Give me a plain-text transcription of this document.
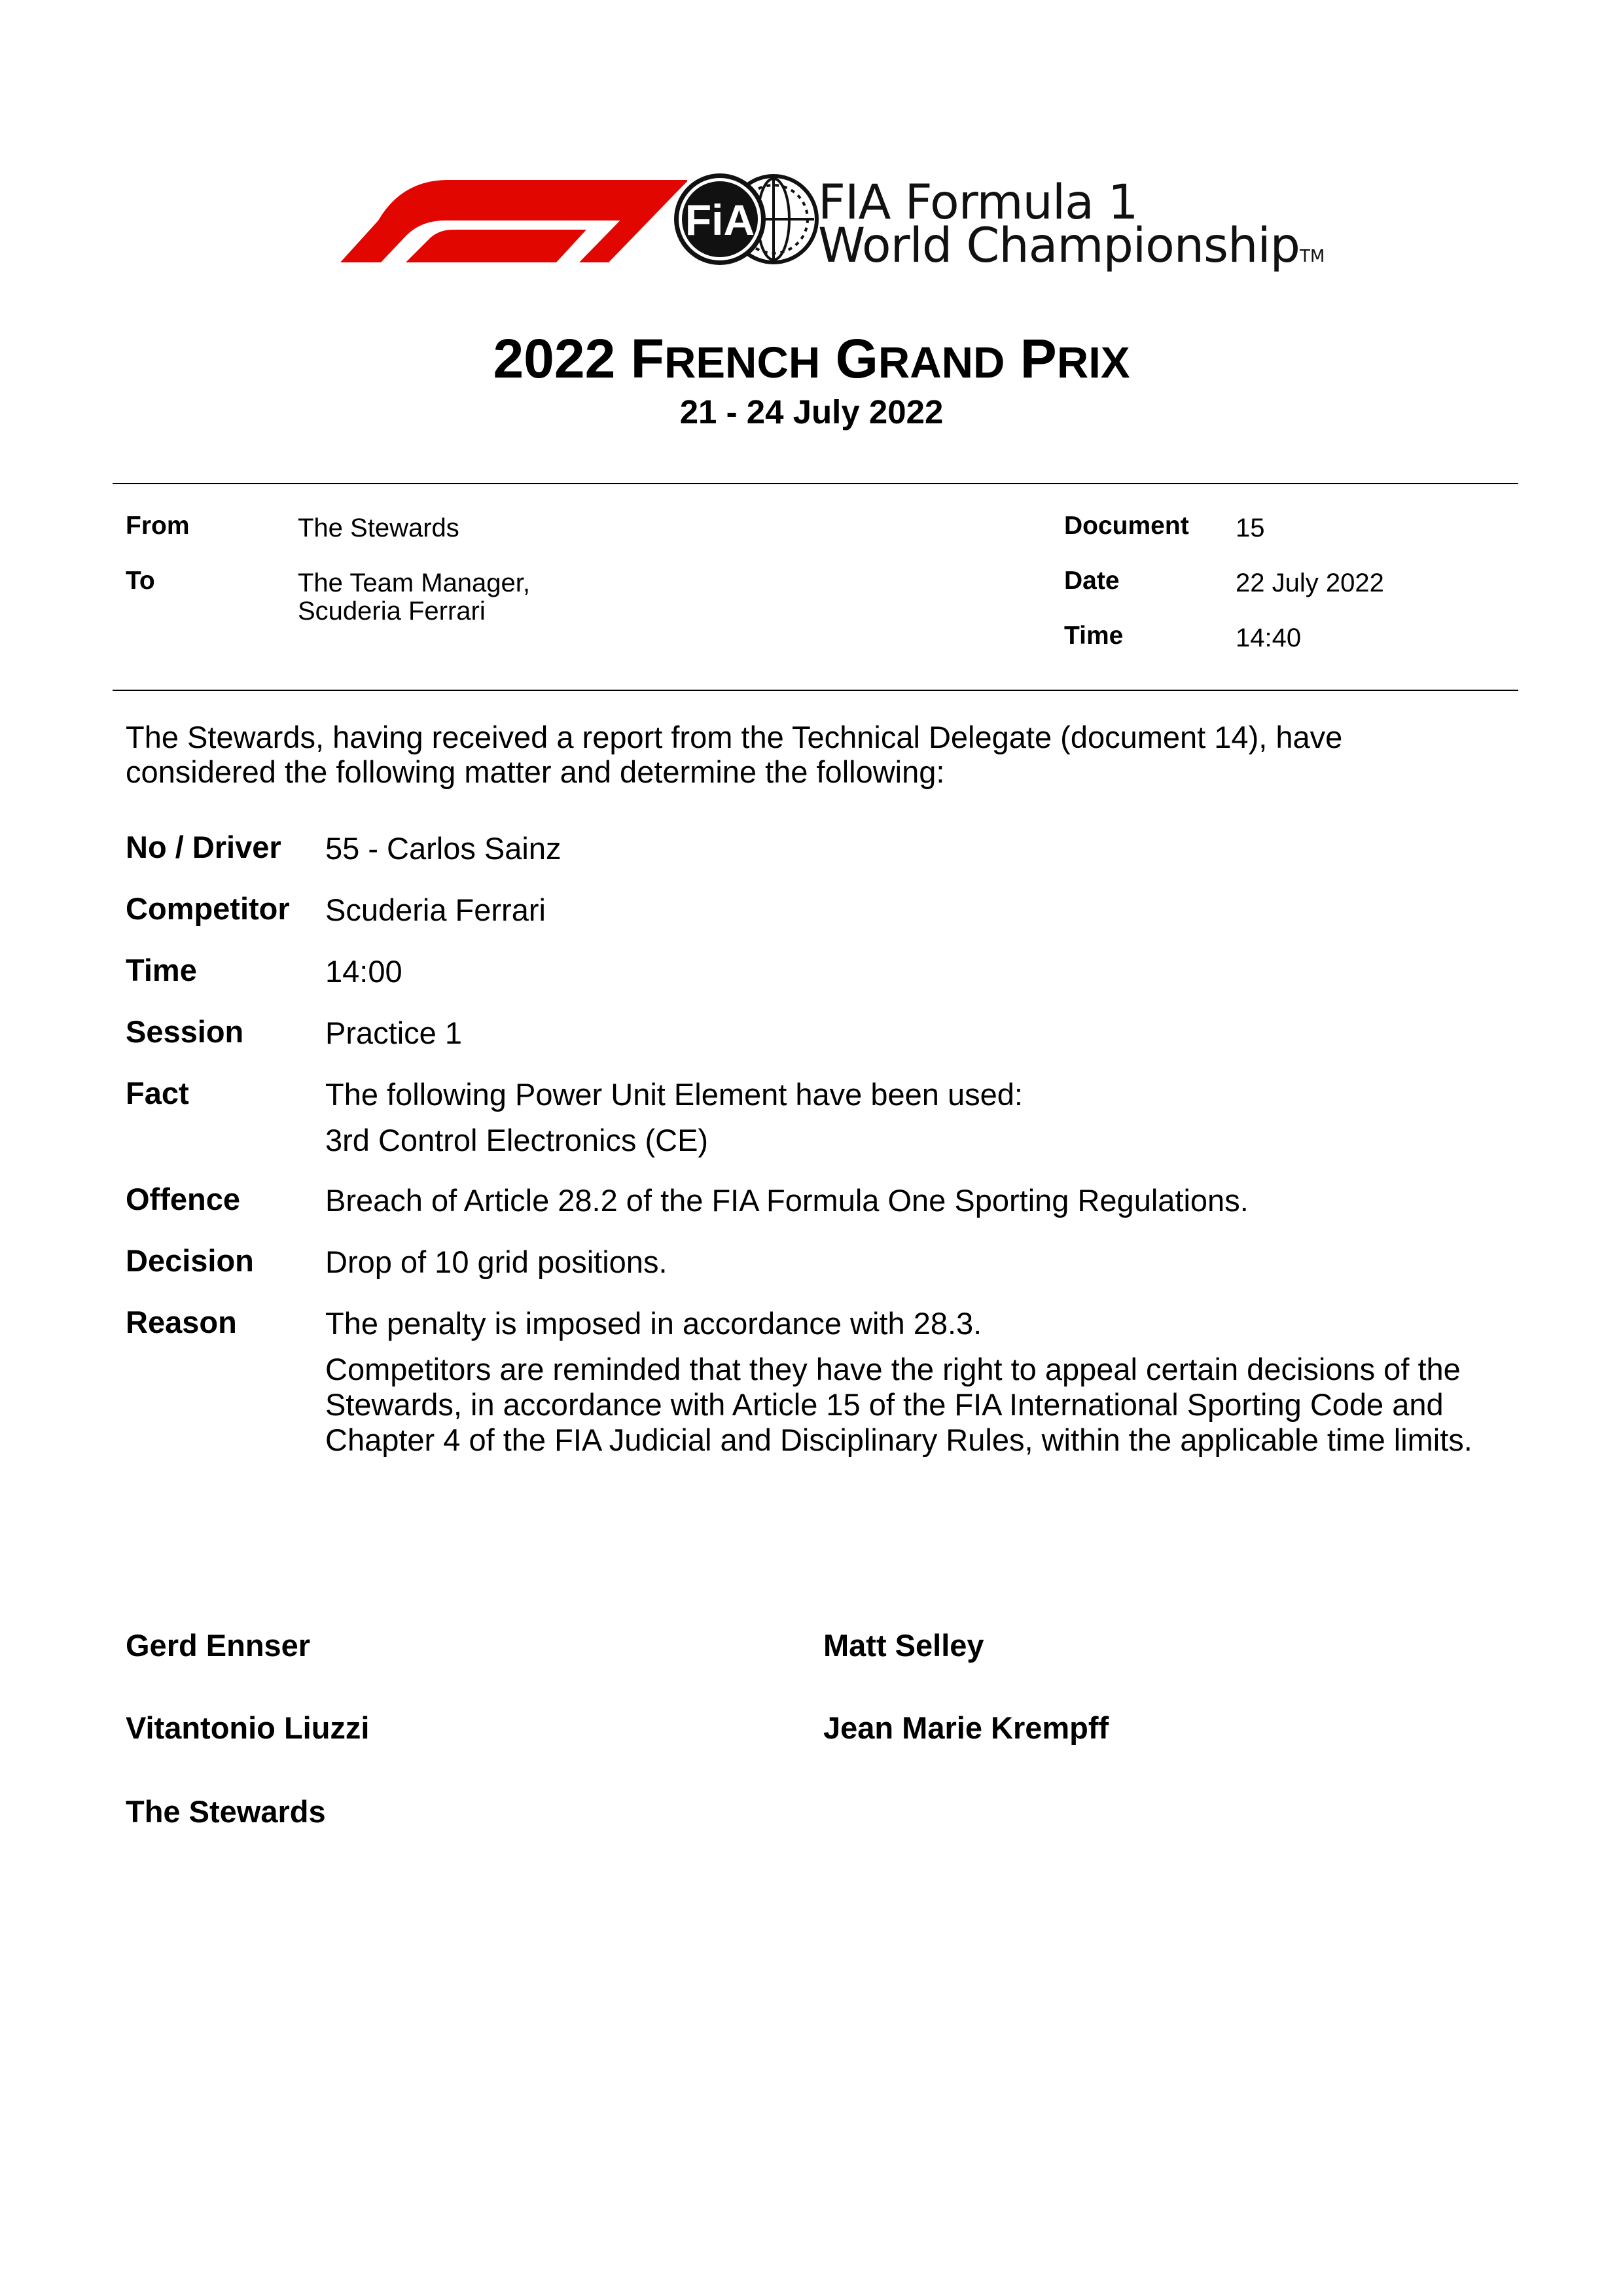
FiA FIA Formula 1
World ChampionshipTM
2022 FRENCH GRAND PRIX
21 - 24 July 2022
From	The Stewards
To	The Team Manager,
Scuderia Ferrari
Document 15
Date	22 July 2022
Time	14:40
The Stewards, having received a report from the Technical Delegate (document 14), have
considered the following matter and determine the following:
No / Driver 55 - Carlos Sainz
Competitor Scuderia Ferrari
Time	14:00
Session	Practice 1
Fact	The following Power Unit Element have been used:
3rd Control Electronics (CE)
Offence	Breach of Article 28.2 of the FIA Formula One Sporting Regulations.
Decision Drop of 10 grid positions.
Reason	The penalty is imposed in accordance with 28.3.
Competitors are reminded that they have the right to appeal certain decisions of the
Stewards, in accordance with Article 15 of the FIA International Sporting Code and
Chapter 4 of the FIA Judicial and Disciplinary Rules, within the applicable time limits.
Gerd Ennser	Matt Selley
Vitantonio Liuzzi	Jean Marie Krempff
The Stewards
